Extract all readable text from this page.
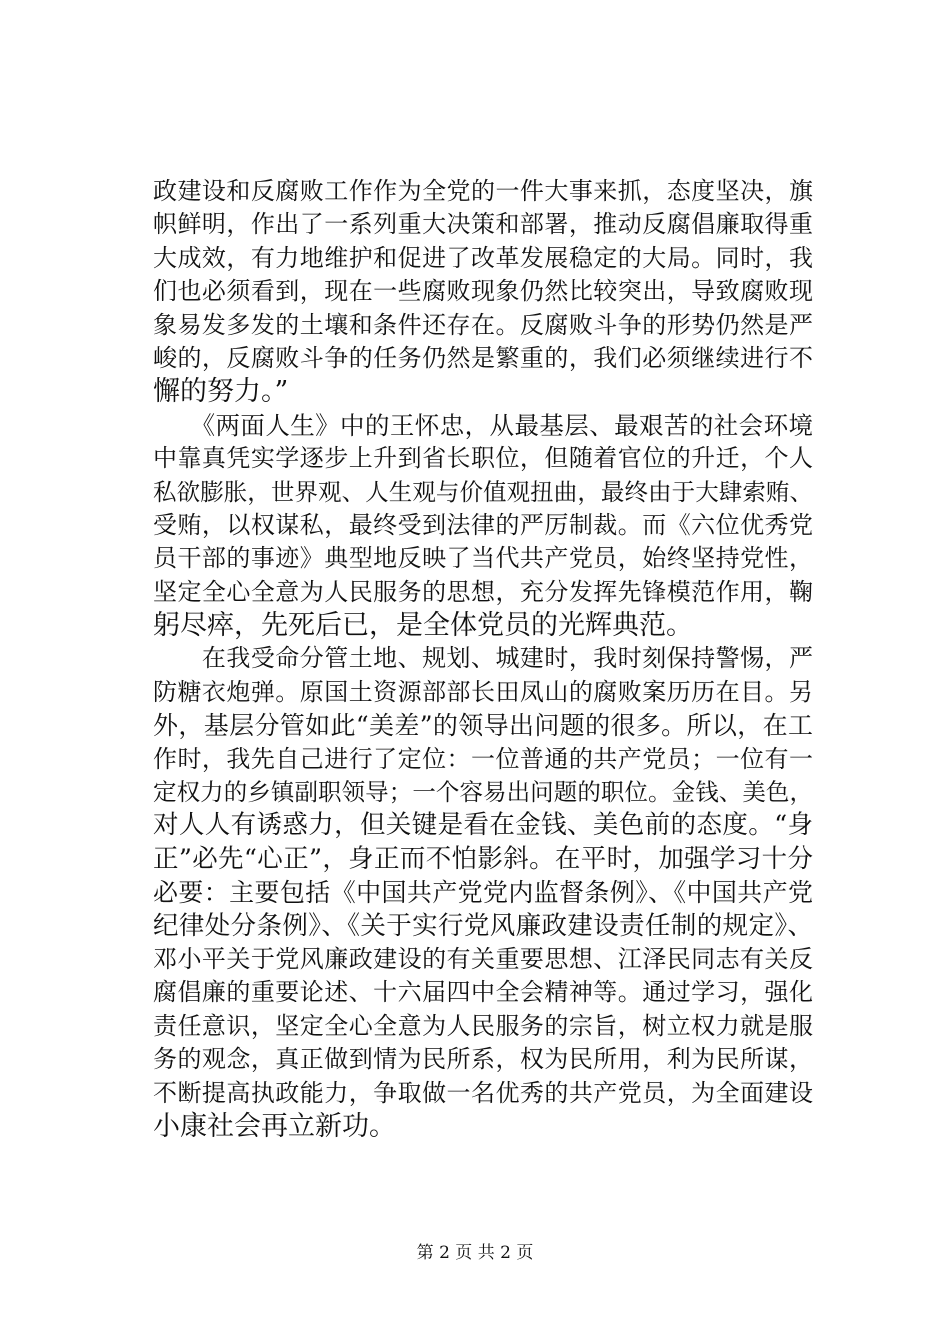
政建设和反腐败工作作为全党的一件大事来抓，态度坚决，旗
帜鲜明，作出了一系列重大决策和部署，推动反腐倡廉取得重
大成效，有力地维护和促进了改革发展稳定的大局。同时，我
们也必须看到，现在一些腐败现象仍然比较突出，导致腐败现
象易发多发的土壤和条件还存在。反腐败斗争的形势仍然是严
峻的，反腐败斗争的任务仍然是繁重的，我们必须继续进行不
懈的努力。”
　　《两面人生》中的王怀忠，从最基层、最艰苦的社会环境
中靠真凭实学逐步上升到省长职位，但随着官位的升迁，个人
私欲膨胀，世界观、人生观与价值观扭曲，最终由于大肆索贿、
受贿，以权谋私，最终受到法律的严厉制裁。而《六位优秀党
员干部的事迹》典型地反映了当代共产党员，始终坚持党性，
坚定全心全意为人民服务的思想，充分发挥先锋模范作用，鞠
躬尽瘁，先死后已，是全体党员的光辉典范。
　　在我受命分管土地、规划、城建时，我时刻保持警惕，严
防糖衣炮弹。原国土资源部部长田凤山的腐败案历历在目。另
外，基层分管如此“美差”的领导出问题的很多。所以，在工
作时，我先自己进行了定位：一位普通的共产党员；一位有一
定权力的乡镇副职领导；一个容易出问题的职位。金钱、美色，
对人人有诱惑力，但关键是看在金钱、美色前的态度。“身
正”必先“心正”，身正而不怕影斜。在平时，加强学习十分
必要：主要包括《中国共产党党内监督条例》、《中国共产党
纪律处分条例》、《关于实行党风廉政建设责任制的规定》、
邓小平关于党风廉政建设的有关重要思想、江泽民同志有关反
腐倡廉的重要论述、十六届四中全会精神等。通过学习，强化
责任意识，坚定全心全意为人民服务的宗旨，树立权力就是服
务的观念，真正做到情为民所系，权为民所用，利为民所谋，
不断提高执政能力，争取做一名优秀的共产党员，为全面建设
小康社会再立新功。
第 2 页 共 2 页
